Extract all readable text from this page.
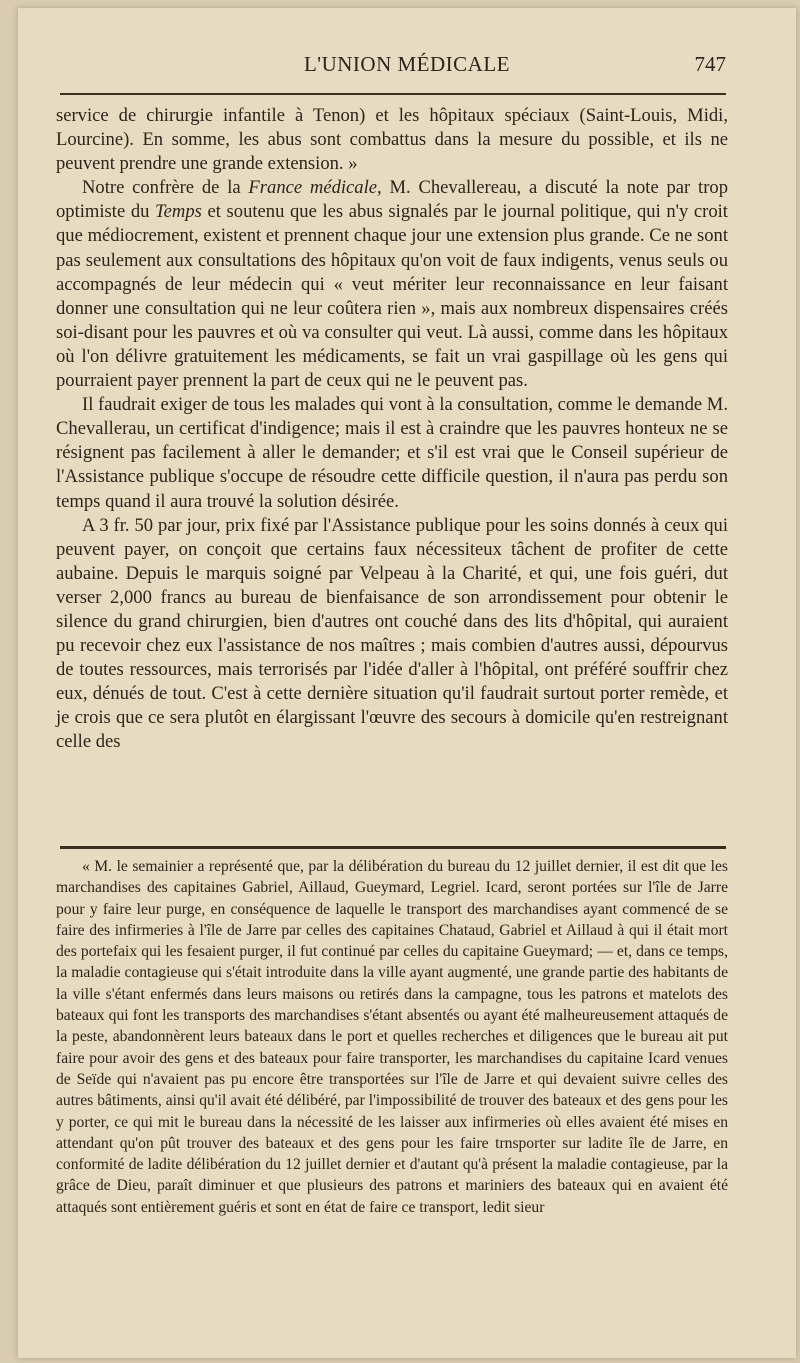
L'UNION MÉDICALE	747

service de chirurgie infantile à Tenon) et les hôpitaux spéciaux (Saint-Louis, Midi, Lourcine). En somme, les abus sont combattus dans la mesure du possible, et ils ne peuvent prendre une grande extension. »

Notre confrère de la France médicale, M. Chevallereau, a discuté la note par trop optimiste du Temps et soutenu que les abus signalés par le journal politique, qui n'y croit que médiocrement, existent et prennent chaque jour une extension plus grande. Ce ne sont pas seulement aux consultations des hôpitaux qu'on voit de faux indigents, venus seuls ou accompagnés de leur médecin qui « veut mériter leur reconnaissance en leur faisant donner une consultation qui ne leur coûtera rien », mais aux nombreux dispensaires créés soi-disant pour les pauvres et où va consulter qui veut. Là aussi, comme dans les hôpitaux où l'on délivre gratuitement les médicaments, se fait un vrai gaspillage où les gens qui pourraient payer prennent la part de ceux qui ne le peuvent pas.

Il faudrait exiger de tous les malades qui vont à la consultation, comme le demande M. Chevallerau, un certificat d'indigence; mais il est à craindre que les pauvres honteux ne se résignent pas facilement à aller le demander; et s'il est vrai que le Conseil supérieur de l'Assistance publique s'occupe de résoudre cette difficile question, il n'aura pas perdu son temps quand il aura trouvé la solution désirée.

A 3 fr. 50 par jour, prix fixé par l'Assistance publique pour les soins donnés à ceux qui peuvent payer, on conçoit que certains faux nécessiteux tâchent de profiter de cette aubaine. Depuis le marquis soigné par Velpeau à la Charité, et qui, une fois guéri, dut verser 2,000 francs au bureau de bienfaisance de son arrondissement pour obtenir le silence du grand chirurgien, bien d'autres ont couché dans des lits d'hôpital, qui auraient pu recevoir chez eux l'assistance de nos maîtres ; mais combien d'autres aussi, dépourvus de toutes ressources, mais terrorisés par l'idée d'aller à l'hôpital, ont préféré souffrir chez eux, dénués de tout. C'est à cette dernière situation qu'il faudrait surtout porter remède, et je crois que ce sera plutôt en élargissant l'œuvre des secours à domicile qu'en restreignant celle des

« M. le semainier a représenté que, par la délibération du bureau du 12 juillet dernier, il est dit que les marchandises des capitaines Gabriel, Aillaud, Gueymard, Legriel. Icard, seront portées sur l'île de Jarre pour y faire leur purge, en conséquence de laquelle le transport des marchandises ayant commencé de se faire des infirmeries à l'île de Jarre par celles des capitaines Chataud, Gabriel et Aillaud à qui il était mort des portefaix qui les fesaient purger, il fut continué par celles du capitaine Gueymard; — et, dans ce temps, la maladie contagieuse qui s'était introduite dans la ville ayant augmenté, une grande partie des habitants de la ville s'étant enfermés dans leurs maisons ou retirés dans la campagne, tous les patrons et matelots des bateaux qui font les transports des marchandises s'étant absentés ou ayant été malheureusement attaqués de la peste, abandonnèrent leurs bateaux dans le port et quelles recherches et diligences que le bureau ait put faire pour avoir des gens et des bateaux pour faire transporter, les marchandises du capitaine Icard venues de Seïde qui n'avaient pas pu encore être transportées sur l'île de Jarre et qui devaient suivre celles des autres bâtiments, ainsi qu'il avait été délibéré, par l'impossibilité de trouver des bateaux et des gens pour les y porter, ce qui mit le bureau dans la nécessité de les laisser aux infirmeries où elles avaient été mises en attendant qu'on pût trouver des bateaux et des gens pour les faire trnsporter sur ladite île de Jarre, en conformité de ladite délibération du 12 juillet dernier et d'autant qu'à présent la maladie contagieuse, par la grâce de Dieu, paraît diminuer et que plusieurs des patrons et mariniers des bateaux qui en avaient été attaqués sont entièrement guéris et sont en état de faire ce transport, ledit sieur
